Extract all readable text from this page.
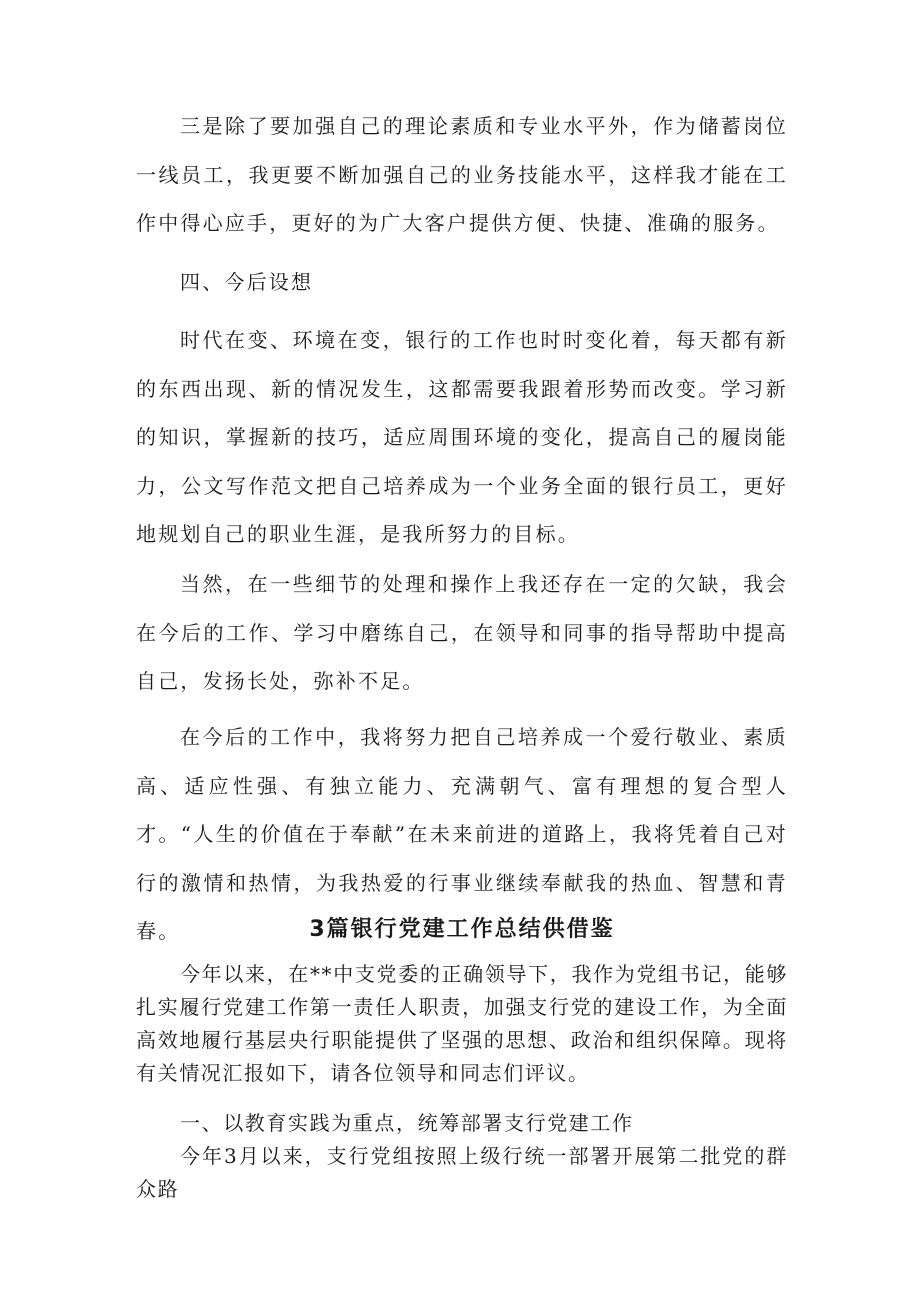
三是除了要加强自己的理论素质和专业水平外，作为储蓄岗位一线员工，我更要不断加强自己的业务技能水平，这样我才能在工作中得心应手，更好的为广大客户提供方便、快捷、准确的服务。

四、今后设想

时代在变、环境在变，银行的工作也时时变化着，每天都有新的东西出现、新的情况发生，这都需要我跟着形势而改变。学习新的知识，掌握新的技巧，适应周围环境的变化，提高自己的履岗能力，公文写作范文把自己培养成为一个业务全面的银行员工，更好地规划自己的职业生涯，是我所努力的目标。

当然，在一些细节的处理和操作上我还存在一定的欠缺，我会在今后的工作、学习中磨练自己，在领导和同事的指导帮助中提高自己，发扬长处，弥补不足。

在今后的工作中，我将努力把自己培养成一个爱行敬业、素质高、适应性强、有独立能力、充满朝气、富有理想的复合型人才。“人生的价值在于奉献”在未来前进的道路上，我将凭着自己对行的激情和热情，为我热爱的行事业继续奉献我的热血、智慧和青春。	3篇银行党建工作总结供借鉴

今年以来，在**中支党委的正确领导下，我作为党组书记，能够扎实履行党建工作第一责任人职责，加强支行党的建设工作，为全面高效地履行基层央行职能提供了坚强的思想、政治和组织保障。现将有关情况汇报如下，请各位领导和同志们评议。

一、以教育实践为重点，统筹部署支行党建工作

今年3月以来，支行党组按照上级行统一部署开展第二批党的群众路
